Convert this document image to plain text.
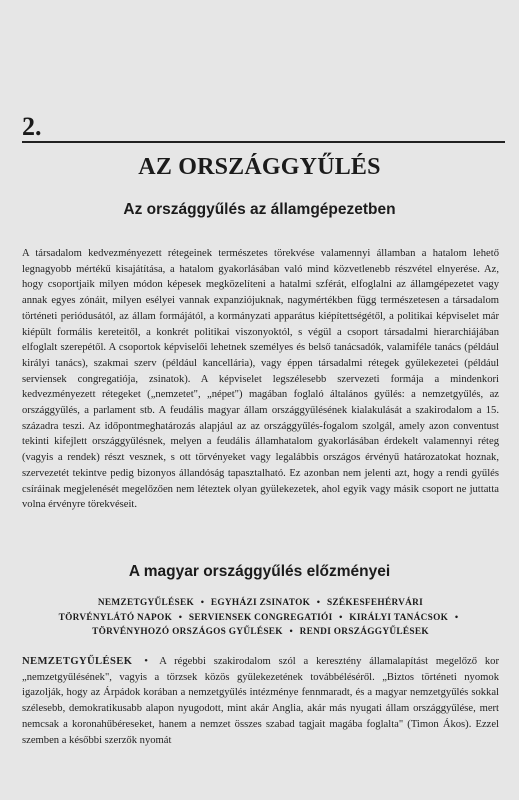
2.
AZ ORSZÁGGYŰLÉS
Az országgyűlés az államgépezetben
A társadalom kedvezményezett rétegeinek természetes törekvése valamennyi államban a hatalom lehető legnagyobb mértékű kisajátítása, a hatalom gyakorlásában való mind közvetlenebb részvétel elnyerése. Az, hogy csoportjaik milyen módon képesek megközelíteni a hatalmi szférát, elfoglalni az államgépezetet vagy annak egyes zónáit, milyen esélyei vannak expanziójuknak, nagymértékben függ természetesen a társadalom történeti periódusától, az állam formájától, a kormányzati apparátus kiépítettségétől, a politikai képviselet már kiépült formális kereteitől, a konkrét politikai viszonyoktól, s végül a csoport társadalmi hierarchiájában elfoglalt szerepétől. A csoportok képviselői lehetnek személyes és belső tanácsadók, valamiféle tanács (például királyi tanács), szakmai szerv (például kancellária), vagy éppen társadalmi rétegek gyülekezetei (például serviensek congregatiója, zsinatok). A képviselet legszélesebb szervezeti formája a mindenkori kedvezményezett rétegeket („nemzetet", „népet") magában foglaló általános gyűlés: a nemzetgyűlés, az országgyűlés, a parlament stb. A feudális magyar állam országgyűlésének kialakulását a szakirodalom a 15. századra teszi. Az időpontmeghatározás alapjául az az országgyűlés-fogalom szolgál, amely azon conventust tekinti kifejlett országgyűlésnek, melyen a feudális államhatalom gyakorlásában érdekelt valamennyi réteg (vagyis a rendek) részt vesznek, s ott törvényeket vagy legalábbis országos érvényű határozatokat hoznak, szervezetét tekintve pedig bizonyos állandóság tapasztalható. Ez azonban nem jelenti azt, hogy a rendi gyűlés csíráinak megjelenését megelőzően nem léteztek olyan gyülekezetek, ahol egyik vagy másik csoport ne juttatta volna érvényre törekvéseit.
A magyar országgyűlés előzményei
NEMZETGYŰLÉSEK • EGYHÁZI ZSINATOK • SZÉKESFEHÉRVÁRI
TÖRVÉNYLÁTÓ NAPOK • SERVIENSEK CONGREGATIÓI • KIRÁLYI TANÁCSOK •
TÖRVÉNYHOZÓ ORSZÁGOS GYŰLÉSEK • RENDI ORSZÁGGYŰLÉSEK
NEMZETGYŰLÉSEK • A régebbi szakirodalom szól a keresztény államalapítást megelőző kor „nemzetgyűlésének", vagyis a törzsek közös gyülekezetének továbbéléséről. „Biztos történeti nyomok igazolják, hogy az Árpádok korában a nemzetgyűlés intézménye fennmaradt, és a magyar nemzetgyűlés sokkal szélesebb, demokratikusabb alapon nyugodott, mint akár Anglia, akár más nyugati állam országgyűlése, mert nemcsak a koronahűbéreseket, hanem a nemzet összes szabad tagjait magába foglalta" (Timon Ákos). Ezzel szemben a későbbi szerzők nyomát
